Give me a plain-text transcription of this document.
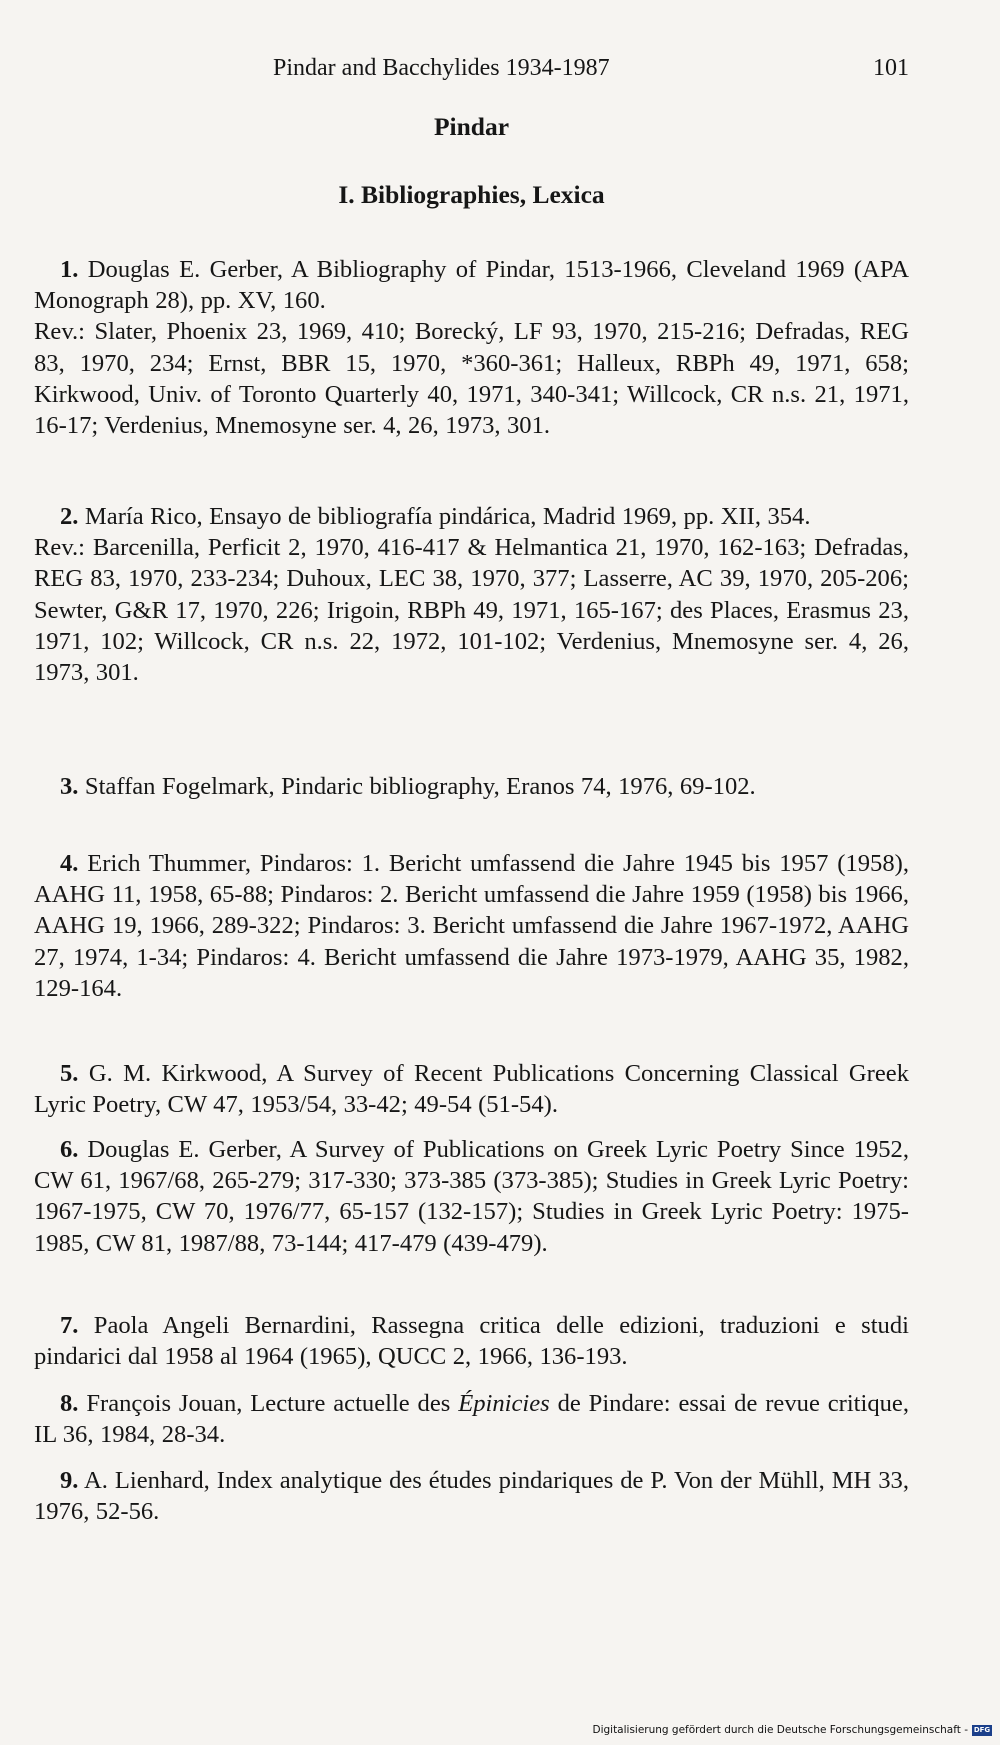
Pindar and Bacchylides 1934-1987	101
Pindar
I. Bibliographies, Lexica

1. Douglas E. Gerber, A Bibliography of Pindar, 1513-1966, Cleveland 1969 (APA Monograph 28), pp. XV, 160.

Rev.: Slater, Phoenix 23, 1969, 410; Borecký, LF 93, 1970, 215-216; Defradas, REG 83, 1970, 234; Ernst, BBR 15, 1970, *360-361; Halleux, RBPh 49, 1971, 658; Kirkwood, Univ. of Toronto Quarterly 40, 1971, 340-341; Willcock, CR n.s. 21, 1971, 16-17; Verdenius, Mnemosyne ser. 4, 26, 1973, 301.

2. María Rico, Ensayo de bibliografía pindárica, Madrid 1969, pp. XII, 354.

Rev.: Barcenilla, Perficit 2, 1970, 416-417 & Helmantica 21, 1970, 162-163; Defradas, REG 83, 1970, 233-234; Duhoux, LEC 38, 1970, 377; Lasserre, AC 39, 1970, 205-206; Sewter, G&R 17, 1970, 226; Irigoin, RBPh 49, 1971, 165-167; des Places, Erasmus 23, 1971, 102; Willcock, CR n.s. 22, 1972, 101-102; Verdenius, Mnemosyne ser. 4, 26, 1973, 301.

3. Staffan Fogelmark, Pindaric bibliography, Eranos 74, 1976, 69-102.

4. Erich Thummer, Pindaros: 1. Bericht umfassend die Jahre 1945 bis 1957 (1958), AAHG 11, 1958, 65-88; Pindaros: 2. Bericht umfassend die Jahre 1959 (1958) bis 1966, AAHG 19, 1966, 289-322; Pindaros: 3. Bericht umfassend die Jahre 1967-1972, AAHG 27, 1974, 1-34; Pindaros: 4. Bericht umfassend die Jahre 1973-1979, AAHG 35, 1982, 129-164.

5. G. M. Kirkwood, A Survey of Recent Publications Concerning Classical Greek Lyric Poetry, CW 47, 1953/54, 33-42; 49-54 (51-54).

6. Douglas E. Gerber, A Survey of Publications on Greek Lyric Poetry Since 1952, CW 61, 1967/68, 265-279; 317-330; 373-385 (373-385); Studies in Greek Lyric Poetry: 1967-1975, CW 70, 1976/77, 65-157 (132-157); Studies in Greek Lyric Poetry: 1975-1985, CW 81, 1987/88, 73-144; 417-479 (439-479).

7. Paola Angeli Bernardini, Rassegna critica delle edizioni, traduzioni e studi pindarici dal 1958 al 1964 (1965), QUCC 2, 1966, 136-193.

8. François Jouan, Lecture actuelle des Épinicies de Pindare: essai de revue critique, IL 36, 1984, 28-34.

9. A. Lienhard, Index analytique des études pindariques de P. Von der Mühll, MH 33, 1976, 52-56.

Digitalisierung gefördert durch die Deutsche Forschungsgemeinschaft - DFG
